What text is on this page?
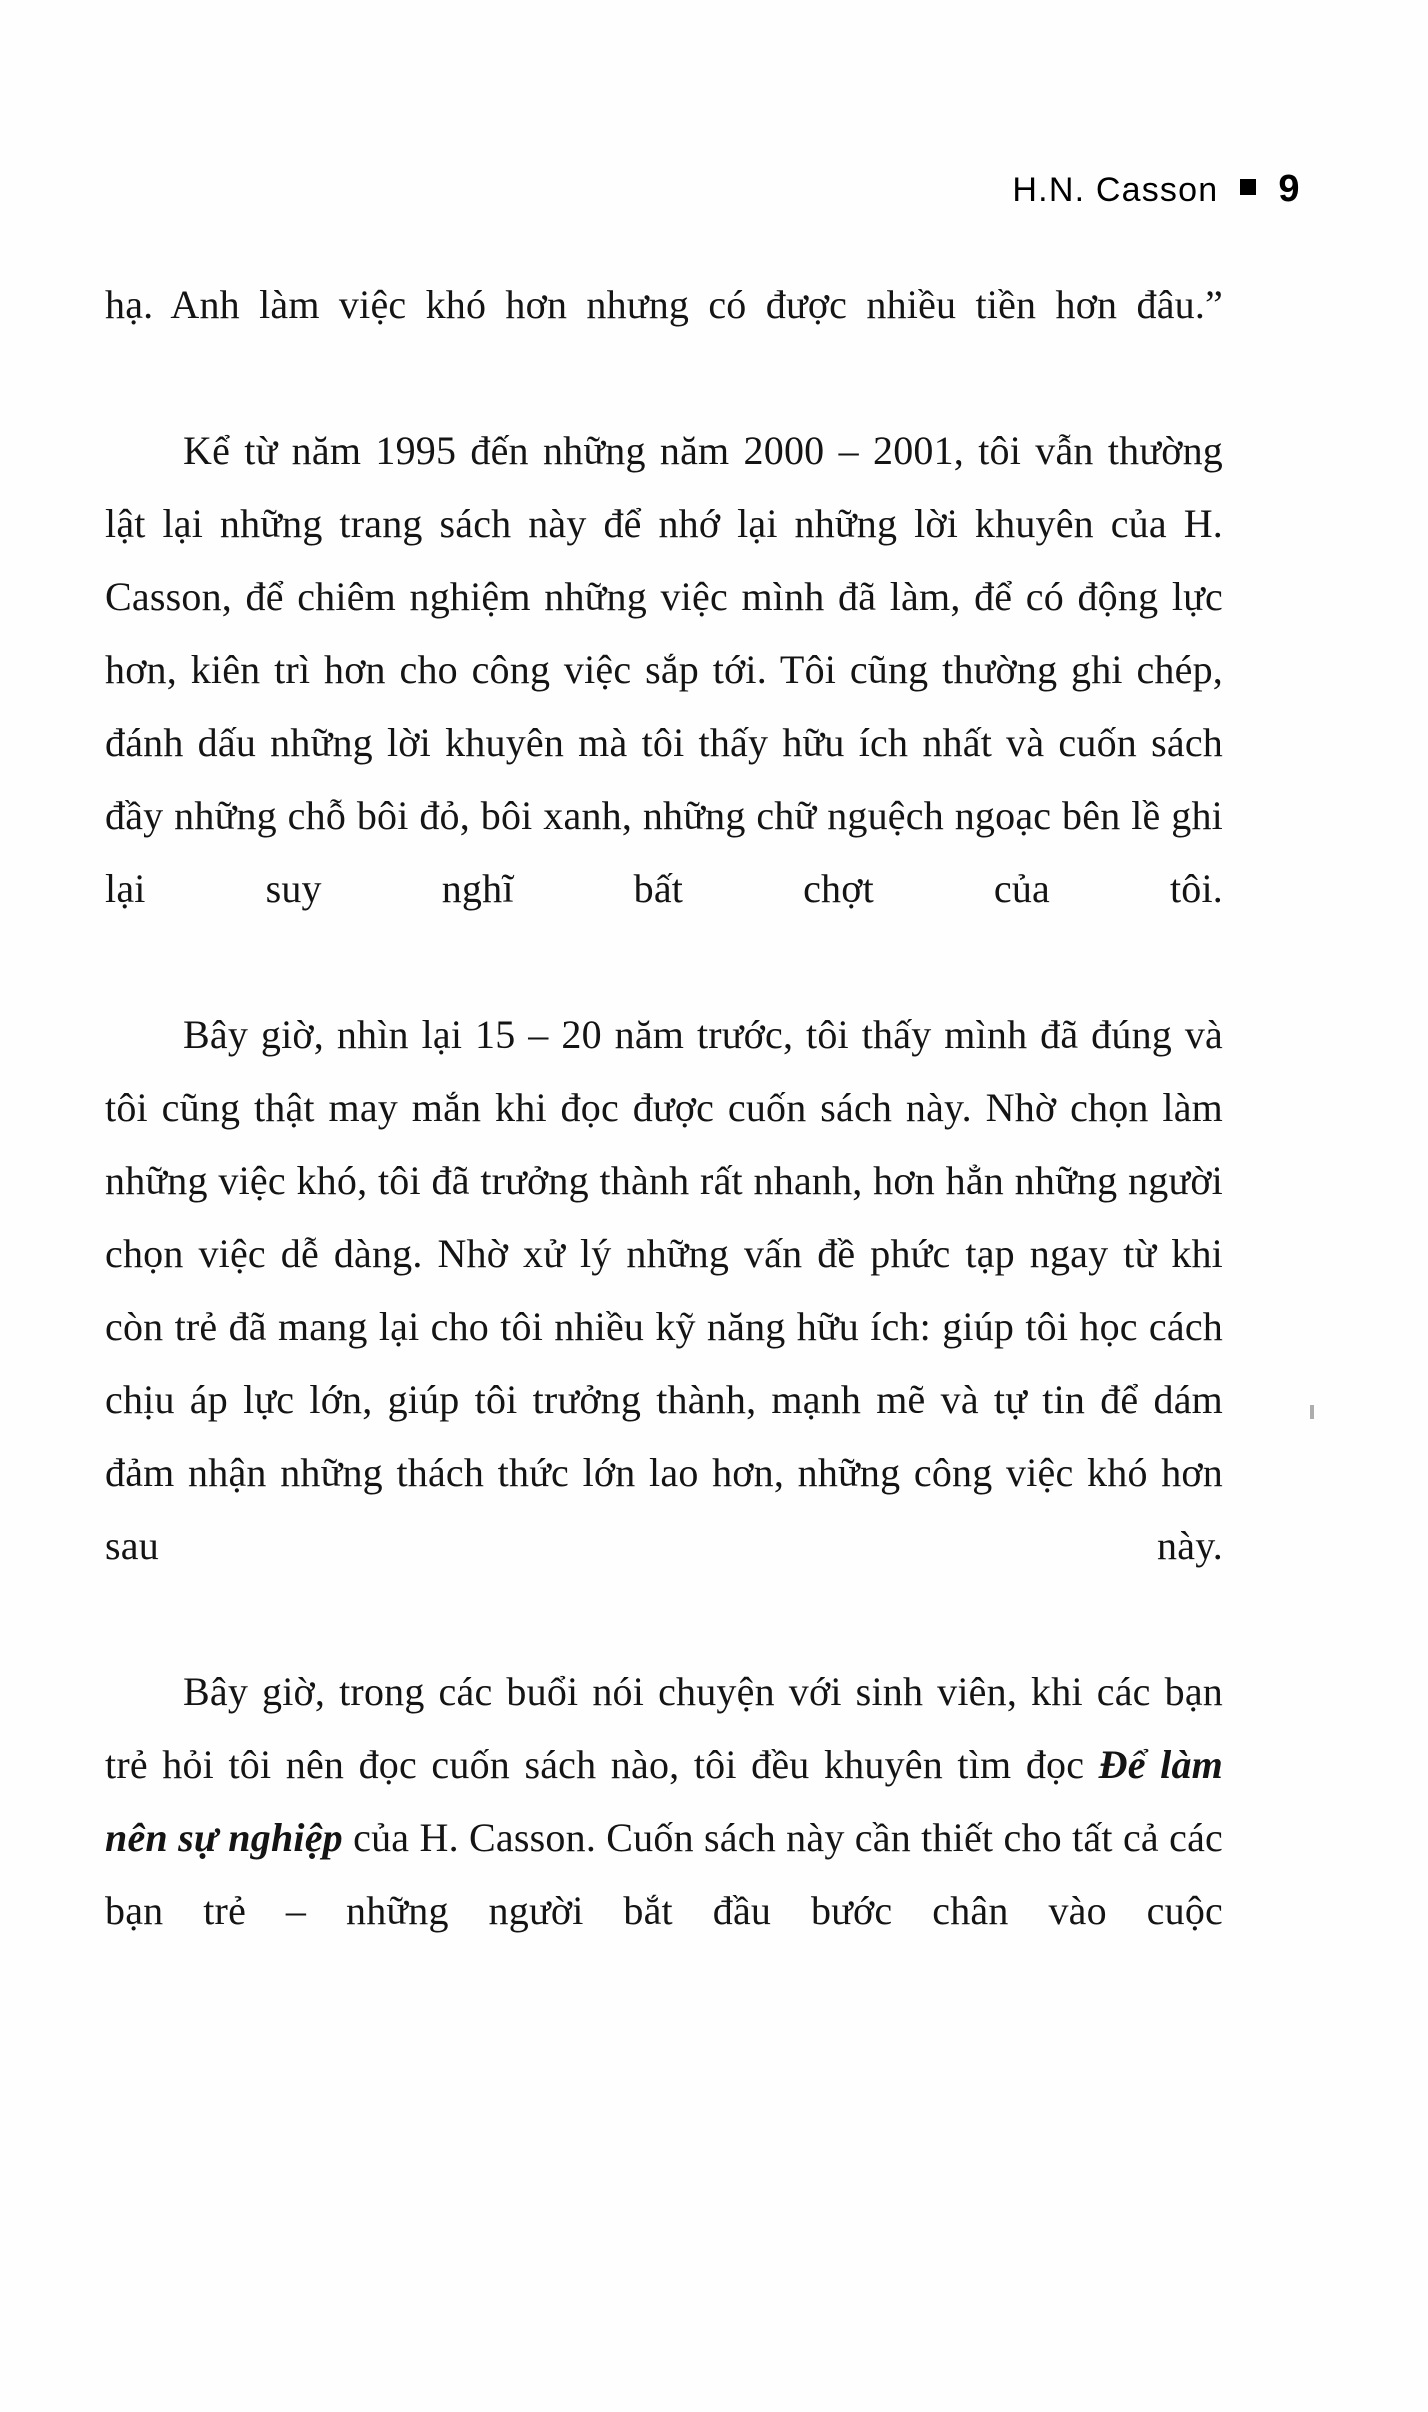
H.N. Casson 9

hạ. Anh làm việc khó hơn nhưng có được nhiều tiền hơn đâu.”

Kể từ năm 1995 đến những năm 2000 – 2001, tôi vẫn thường lật lại những trang sách này để nhớ lại những lời khuyên của H. Casson, để chiêm nghiệm những việc mình đã làm, để có động lực hơn, kiên trì hơn cho công việc sắp tới. Tôi cũng thường ghi chép, đánh dấu những lời khuyên mà tôi thấy hữu ích nhất và cuốn sách đầy những chỗ bôi đỏ, bôi xanh, những chữ nguệch ngoạc bên lề ghi lại suy nghĩ bất chợt của tôi.

Bây giờ, nhìn lại 15 – 20 năm trước, tôi thấy mình đã đúng và tôi cũng thật may mắn khi đọc được cuốn sách này. Nhờ chọn làm những việc khó, tôi đã trưởng thành rất nhanh, hơn hẳn những người chọn việc dễ dàng. Nhờ xử lý những vấn đề phức tạp ngay từ khi còn trẻ đã mang lại cho tôi nhiều kỹ năng hữu ích: giúp tôi học cách chịu áp lực lớn, giúp tôi trưởng thành, mạnh mẽ và tự tin để dám đảm nhận những thách thức lớn lao hơn, những công việc khó hơn sau này.

Bây giờ, trong các buổi nói chuyện với sinh viên, khi các bạn trẻ hỏi tôi nên đọc cuốn sách nào, tôi đều khuyên tìm đọc Để làm nên sự nghiệp của H. Casson. Cuốn sách này cần thiết cho tất cả các bạn trẻ – những người bắt đầu bước chân vào cuộc
